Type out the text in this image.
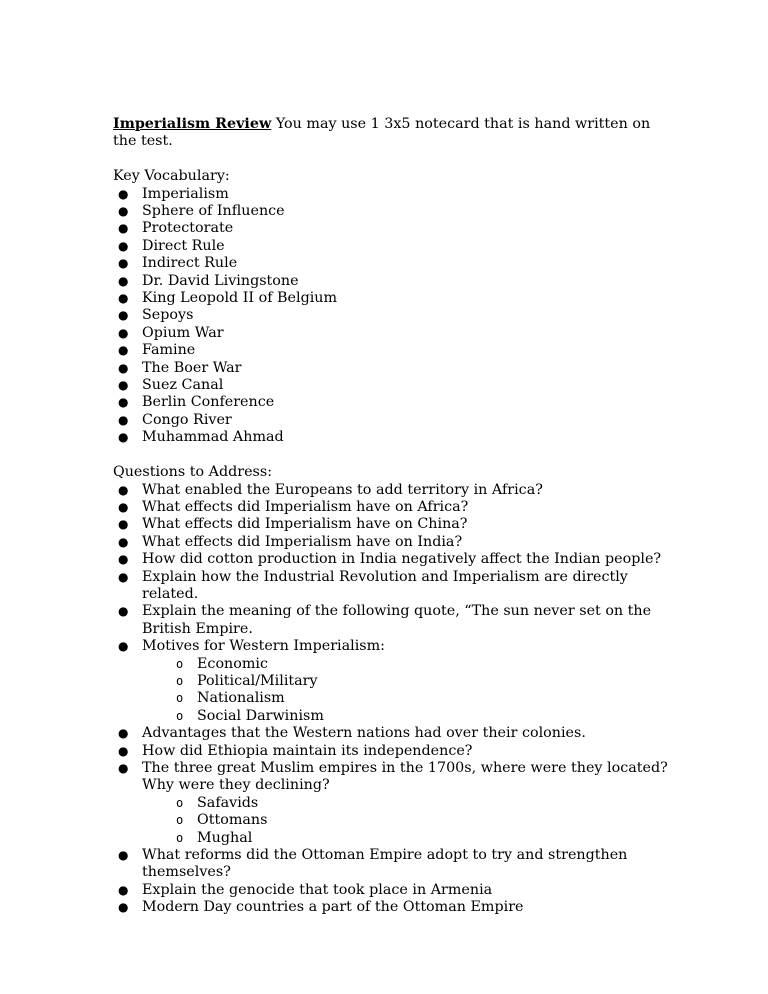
Imperialism Review You may use 1 3x5 notecard that is hand written on the test.

Key Vocabulary:

● Imperialism
● Sphere of Influence
● Protectorate
● Direct Rule
● Indirect Rule
● Dr. David Livingstone
● King Leopold II of Belgium
● Sepoys
● Opium War
● Famine
● The Boer War
● Suez Canal
● Berlin Conference
● Congo River
● Muhammad Ahmad

Questions to Address:

● What enabled the Europeans to add territory in Africa?
● What effects did Imperialism have on Africa?
● What effects did Imperialism have on China?
● What effects did Imperialism have on India?
● How did cotton production in India negatively affect the Indian people?
● Explain how the Industrial Revolution and Imperialism are directly related.
● Explain the meaning of the following quote, “The sun never set on the British Empire.
● Motives for Western Imperialism:
o Economic
o Political/Military
o Nationalism
o Social Darwinism
● Advantages that the Western nations had over their colonies.
● How did Ethiopia maintain its independence?
● The three great Muslim empires in the 1700s, where were they located? Why were they declining?
o Safavids
o Ottomans
o Mughal
● What reforms did the Ottoman Empire adopt to try and strengthen themselves?
● Explain the genocide that took place in Armenia
● Modern Day countries a part of the Ottoman Empire
